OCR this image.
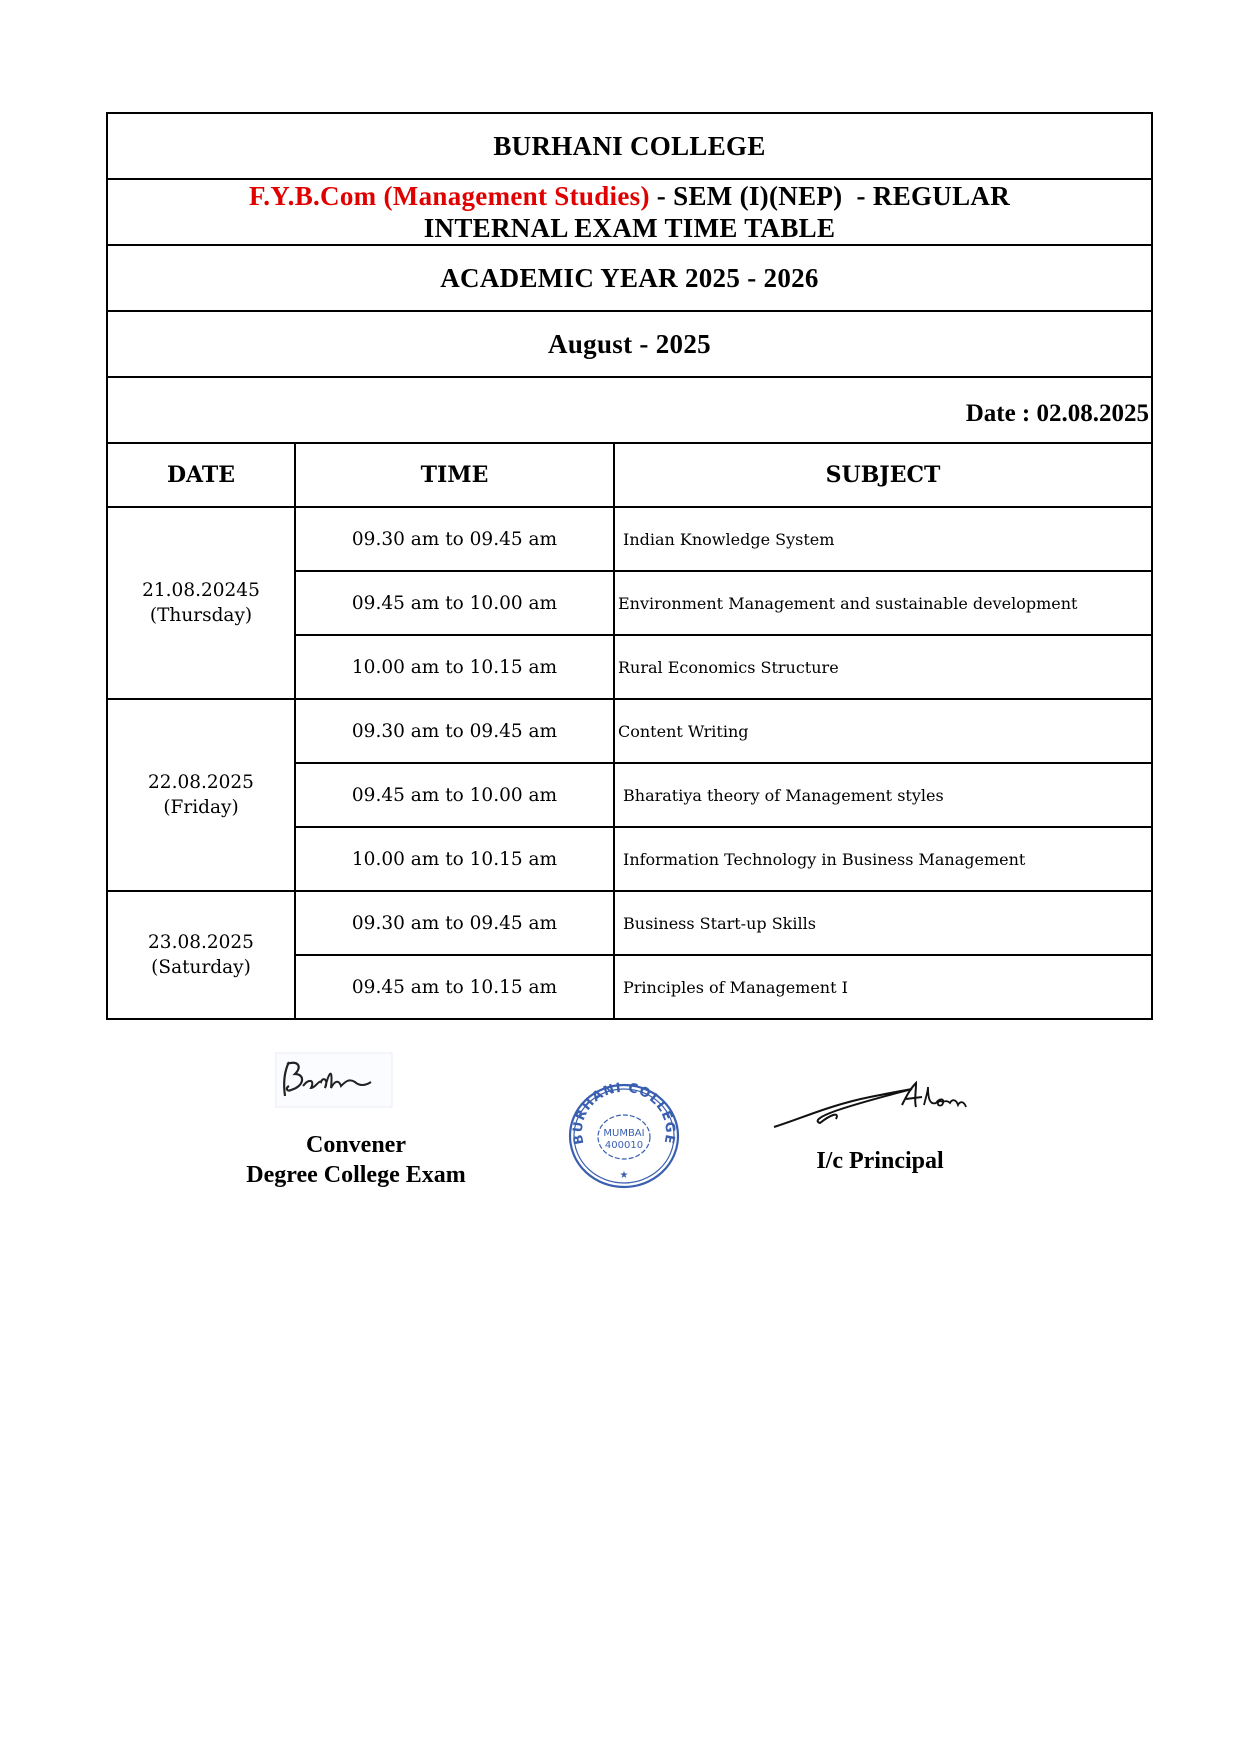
BURHANI COLLEGE
F.Y.B.Com (Management Studies) - SEM (I)(NEP)  - REGULAR
INTERNAL EXAM TIME TABLE
ACADEMIC YEAR 2025 - 2026
August - 2025
Date : 02.08.2025
DATE	TIME	SUBJECT

21.08.20245
(Thursday)	09.30 am to 09.45 am	Indian Knowledge System
	09.45 am to 10.00 am	Environment Management and sustainable development
	10.00 am to 10.15 am	Rural Economics Structure

22.08.2025
(Friday)	09.30 am to 09.45 am	Content Writing
	09.45 am to 10.00 am	Bharatiya theory of Management styles
	10.00 am to 10.15 am	Information Technology in Business Management

23.08.2025
(Saturday)	09.30 am to 09.45 am	Business Start-up Skills
	09.45 am to 10.15 am	Principles of Management I
Convener
Degree College Exam
BURHANI COLLEGE
MUMBAI
400010
★
I/c Principal
